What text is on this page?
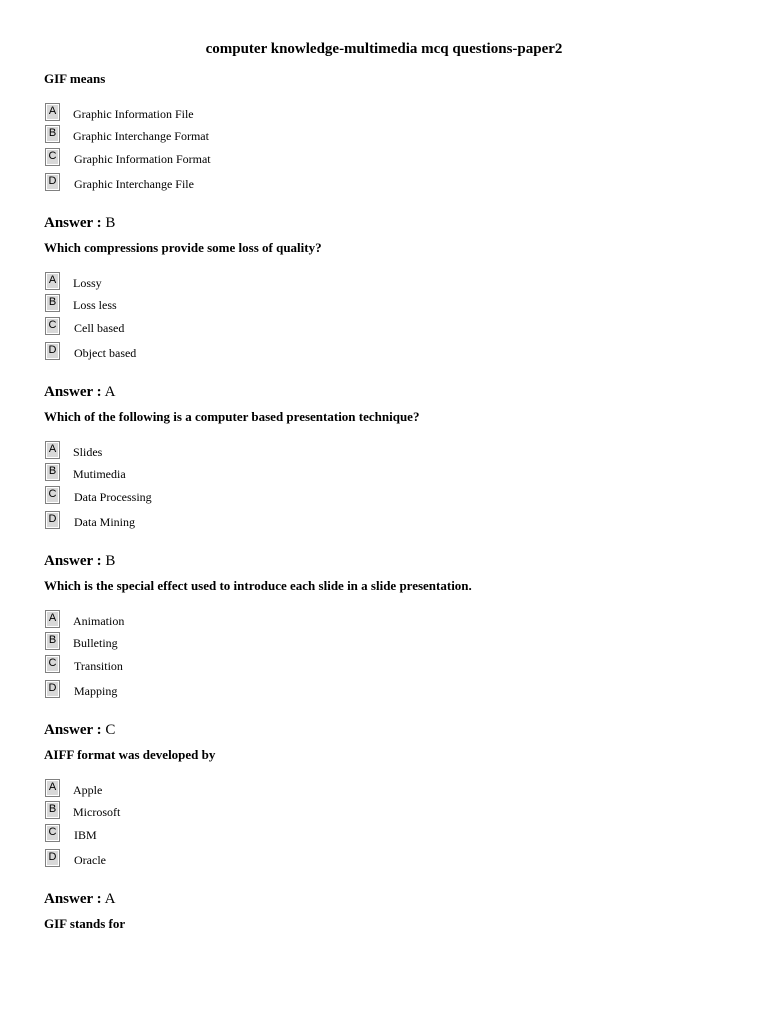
computer knowledge-multimedia mcq questions-paper2
GIF means
A	Graphic Information File
B	Graphic Interchange Format
C Graphic Information Format
D Graphic Interchange File
Answer : B
Which compressions provide some loss of quality?
A	Lossy
B	Loss less
C Cell based
D Object based
Answer : A
Which of the following is a computer based presentation technique?
A	Slides
B	Mutimedia
C Data Processing
D Data Mining
Answer : B
Which is the special effect used to introduce each slide in a slide presentation.
A	Animation
B	Bulleting
C Transition
D Mapping
Answer : C
AIFF format was developed by
A	Apple
B	Microsoft
C IBM
D Oracle
Answer : A
GIF stands for
